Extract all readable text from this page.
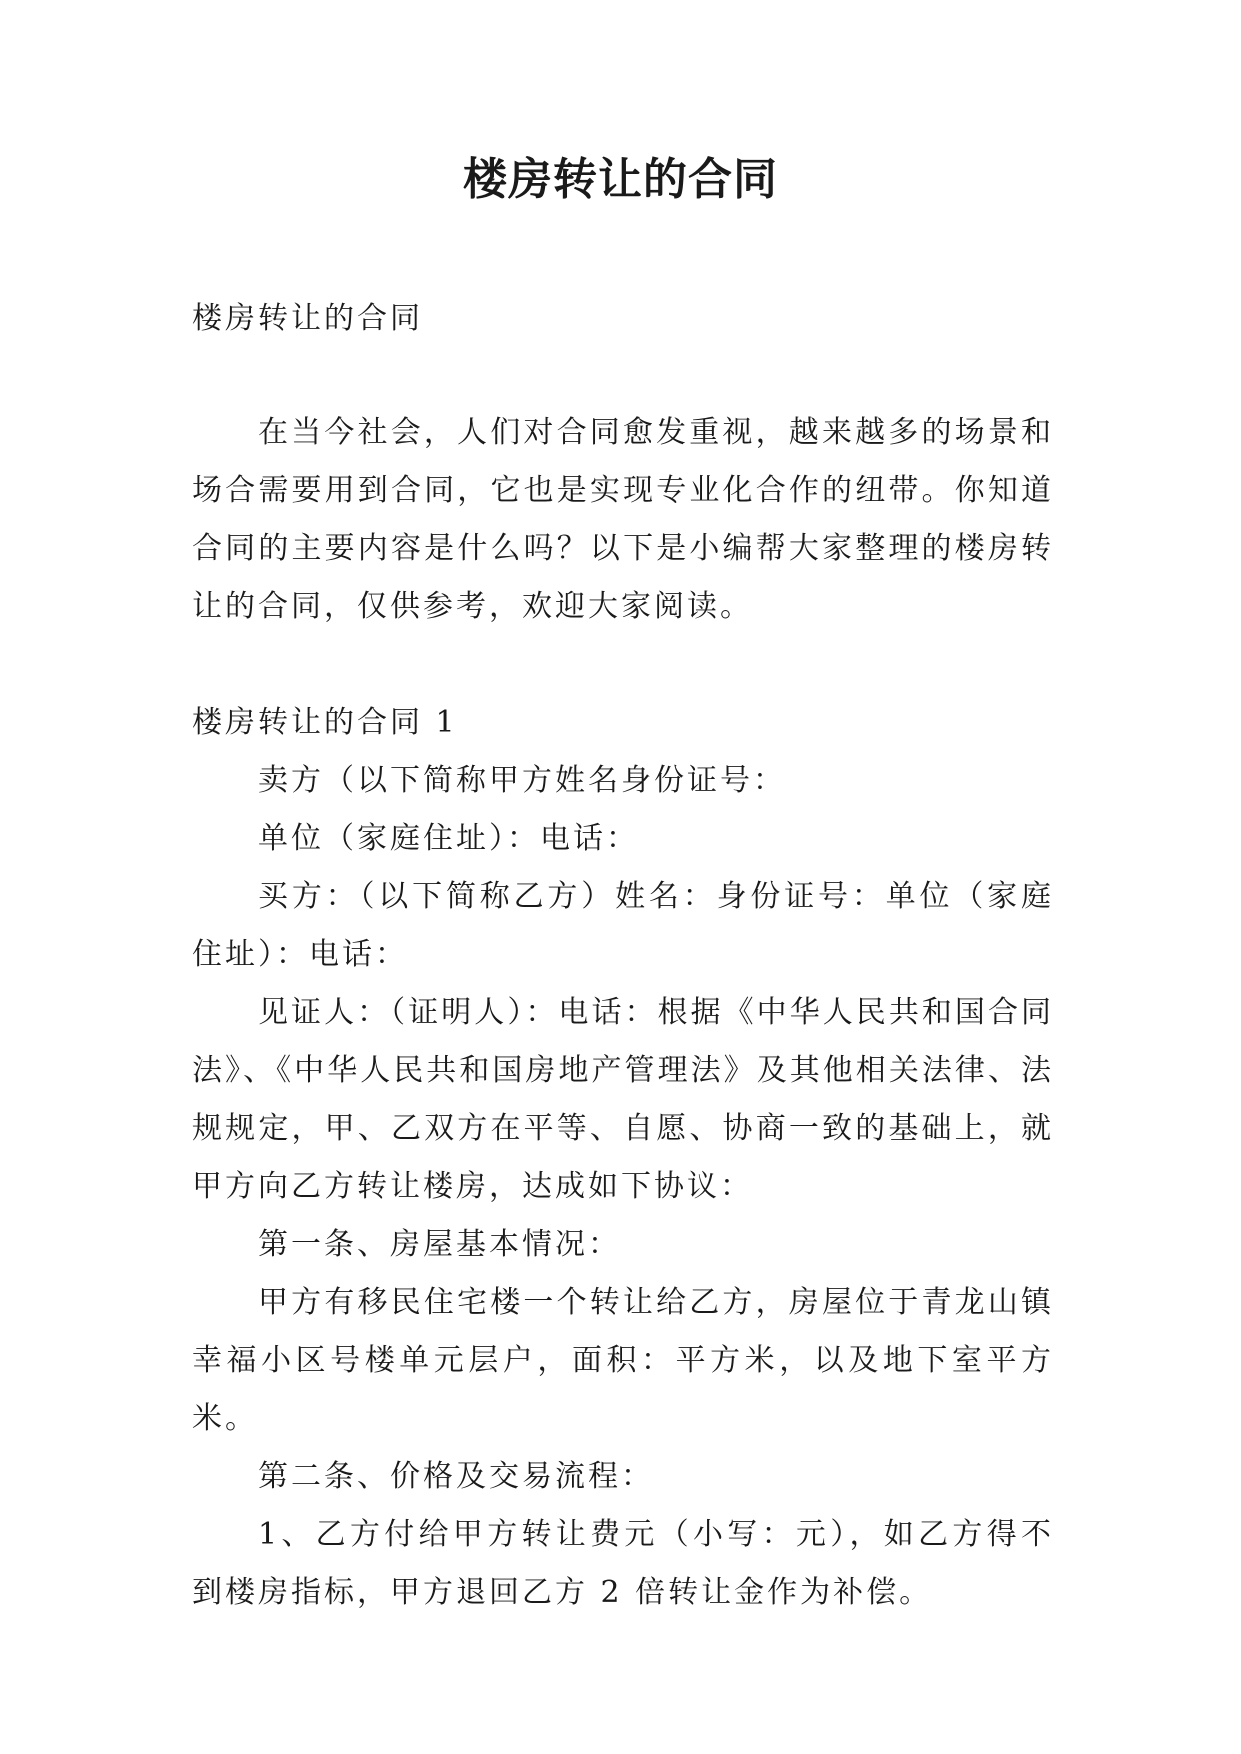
楼房转让的合同

楼房转让的合同

在当今社会，人们对合同愈发重视，越来越多的场景和场合需要用到合同，它也是实现专业化合作的纽带。你知道合同的主要内容是什么吗？以下是小编帮大家整理的楼房转让的合同，仅供参考，欢迎大家阅读。

楼房转让的合同 1

卖方（以下简称甲方姓名身份证号：

单位（家庭住址）：电话：

买方：（以下简称乙方）姓名：身份证号：单位（家庭住址）：电话：

见证人：（证明人）：电话：根据《中华人民共和国合同法》、《中华人民共和国房地产管理法》及其他相关法律、法规规定，甲、乙双方在平等、自愿、协商一致的基础上，就甲方向乙方转让楼房，达成如下协议：

第一条、房屋基本情况：

甲方有移民住宅楼一个转让给乙方，房屋位于青龙山镇幸福小区号楼单元层户，面积：平方米，以及地下室平方米。

第二条、价格及交易流程：

1、乙方付给甲方转让费元（小写：元），如乙方得不到楼房指标，甲方退回乙方 2 倍转让金作为补偿。
